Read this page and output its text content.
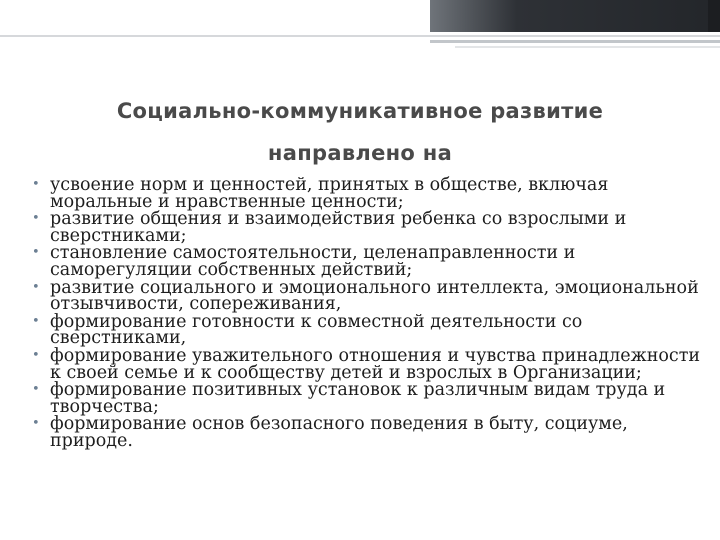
Социально-коммуникативное развитие
направлено на
• усвоение норм и ценностей, принятых в обществе, включая моральные и нравственные ценности;
• развитие общения и взаимодействия ребенка со взрослыми и сверстниками;
• становление самостоятельности, целенаправленности и саморегуляции собственных действий;
• развитие социального и эмоционального интеллекта, эмоциональной отзывчивости, сопереживания,
• формирование готовности к совместной деятельности со сверстниками,
• формирование уважительного отношения и чувства принадлежности к своей семье и к сообществу детей и взрослых в Организации;
• формирование позитивных установок к различным видам труда и творчества;
• формирование основ безопасного поведения в быту, социуме, природе.
